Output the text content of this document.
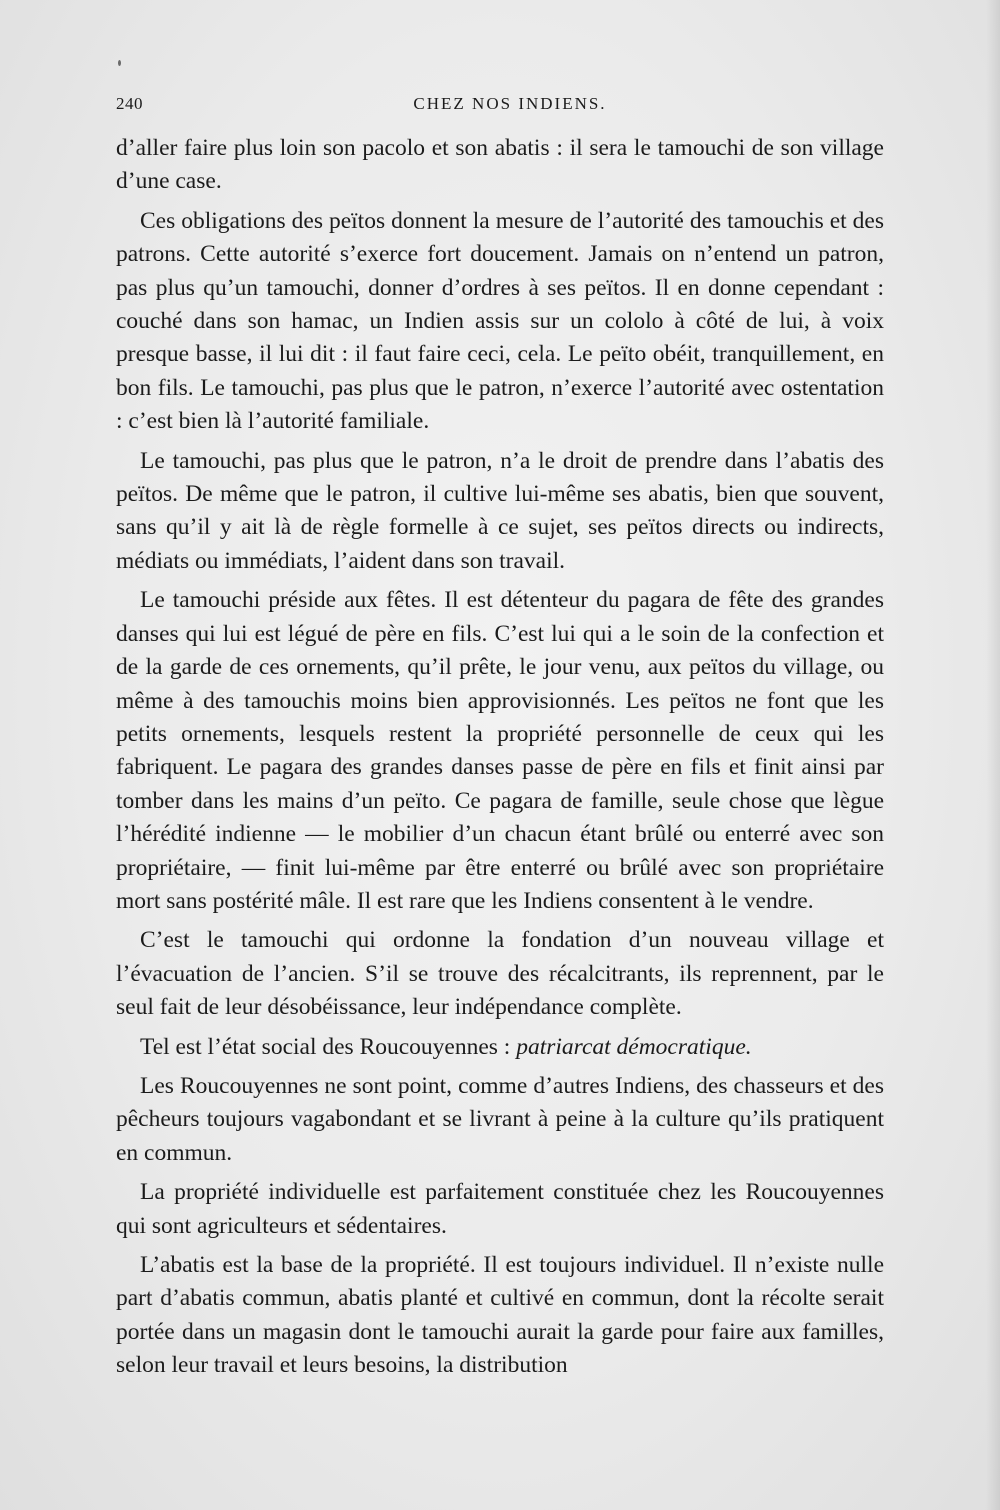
240	CHEZ NOS INDIENS.

d’aller faire plus loin son pacolo et son abatis : il sera le tamouchi de son village d’une case.

Ces obligations des peïtos donnent la mesure de l’autorité des tamouchis et des patrons. Cette autorité s’exerce fort doucement. Jamais on n’entend un patron, pas plus qu’un tamouchi, donner d’ordres à ses peïtos. Il en donne cependant : couché dans son hamac, un Indien assis sur un cololo à côté de lui, à voix presque basse, il lui dit : il faut faire ceci, cela. Le peïto obéit, tranquillement, en bon fils. Le tamouchi, pas plus que le patron, n’exerce l’autorité avec ostentation : c’est bien là l’autorité familiale.

Le tamouchi, pas plus que le patron, n’a le droit de prendre dans l’abatis des peïtos. De même que le patron, il cultive lui-même ses abatis, bien que souvent, sans qu’il y ait là de règle formelle à ce sujet, ses peïtos directs ou indirects, médiats ou immédiats, l’aident dans son travail.

Le tamouchi préside aux fêtes. Il est détenteur du pagara de fête des grandes danses qui lui est légué de père en fils. C’est lui qui a le soin de la confection et de la garde de ces ornements, qu’il prête, le jour venu, aux peïtos du village, ou même à des tamouchis moins bien approvisionnés. Les peïtos ne font que les petits ornements, lesquels restent la propriété personnelle de ceux qui les fabriquent. Le pagara des grandes danses passe de père en fils et finit ainsi par tomber dans les mains d’un peïto. Ce pagara de famille, seule chose que lègue l’hérédité indienne — le mobilier d’un chacun étant brûlé ou enterré avec son propriétaire, — finit lui-même par être enterré ou brûlé avec son propriétaire mort sans postérité mâle. Il est rare que les Indiens consentent à le vendre.

C’est le tamouchi qui ordonne la fondation d’un nouveau village et l’évacuation de l’ancien. S’il se trouve des récalcitrants, ils reprennent, par le seul fait de leur désobéissance, leur indépendance complète.

Tel est l’état social des Roucouyennes : patriarcat démocratique.

Les Roucouyennes ne sont point, comme d’autres Indiens, des chasseurs et des pêcheurs toujours vagabondant et se livrant à peine à la culture qu’ils pratiquent en commun.

La propriété individuelle est parfaitement constituée chez les Roucouyennes qui sont agriculteurs et sédentaires.

L’abatis est la base de la propriété. Il est toujours individuel. Il n’existe nulle part d’abatis commun, abatis planté et cultivé en commun, dont la récolte serait portée dans un magasin dont le tamouchi aurait la garde pour faire aux familles, selon leur travail et leurs besoins, la distribution
